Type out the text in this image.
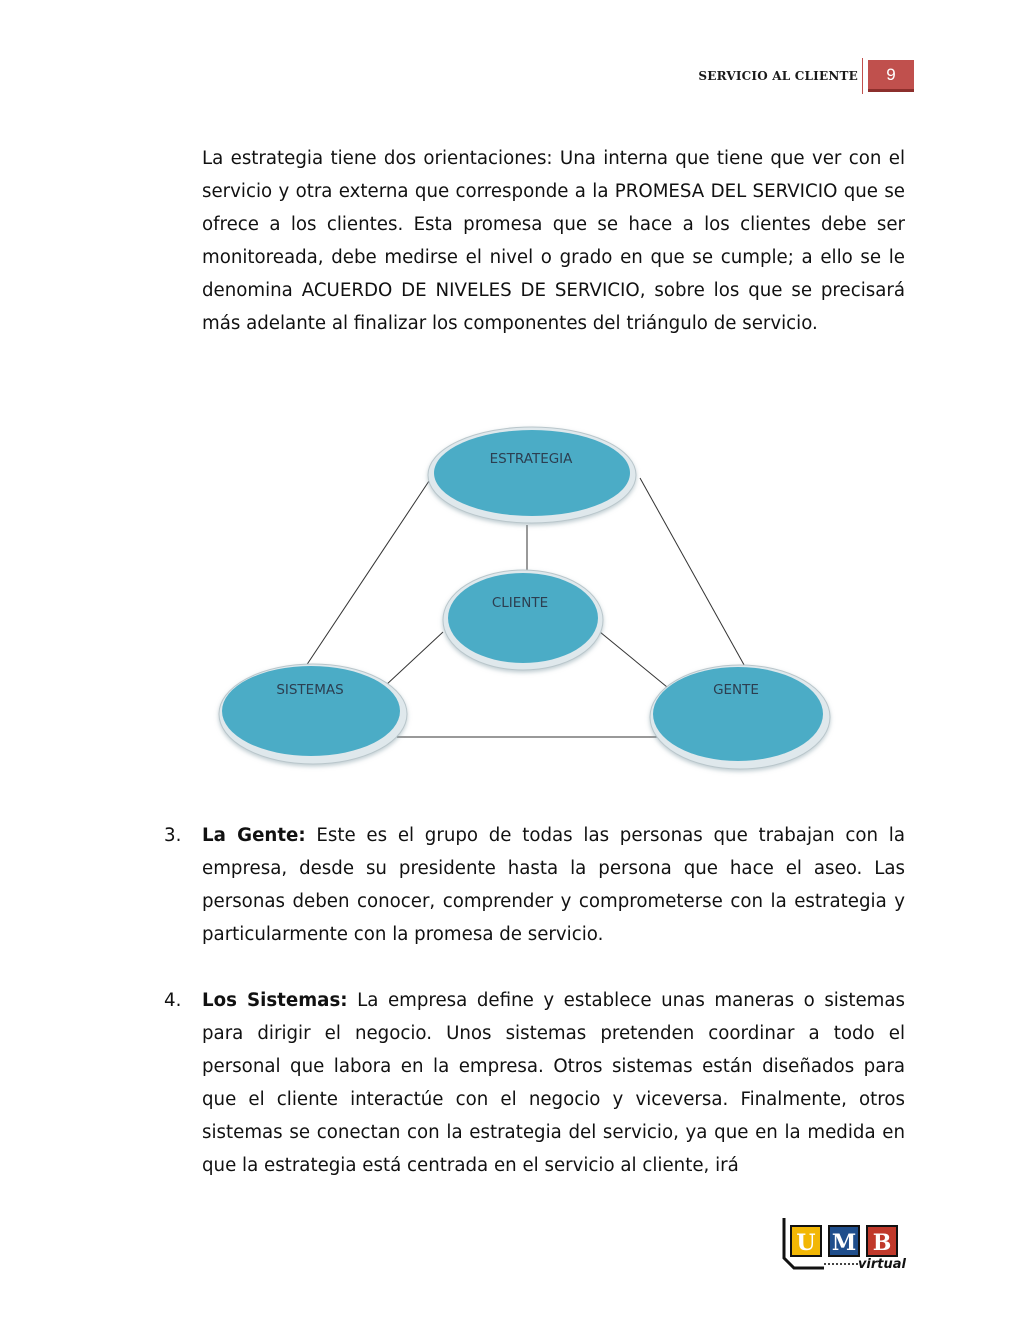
SERVICIO AL CLIENTE	9

La estrategia tiene dos orientaciones: Una interna que tiene que ver con el servicio y otra externa que corresponde a la PROMESA DEL SERVICIO que se ofrece a los clientes. Esta promesa que se hace a los clientes debe ser monitoreada, debe medirse el nivel o grado en que se cumple; a ello se le denomina ACUERDO DE NIVELES DE SERVICIO, sobre los que se precisará más adelante al finalizar los componentes del triángulo de servicio.

ESTRATEGIA
CLIENTE
SISTEMAS	GENTE
3.	La Gente: Este es el grupo de todas las personas que trabajan con la empresa, desde su presidente hasta la persona que hace el aseo. Las personas deben conocer, comprender y comprometerse con la estrategia y particularmente con la promesa de servicio.
4.	Los Sistemas: La empresa define y establece unas maneras o sistemas para dirigir el negocio. Unos sistemas pretenden coordinar a todo el personal que labora en la empresa. Otros sistemas están diseñados para que el cliente interactúe con el negocio y viceversa. Finalmente, otros sistemas se conectan con la estrategia del servicio, ya que en la medida en que la estrategia está centrada en el servicio al cliente, irá
U M B
virtual
